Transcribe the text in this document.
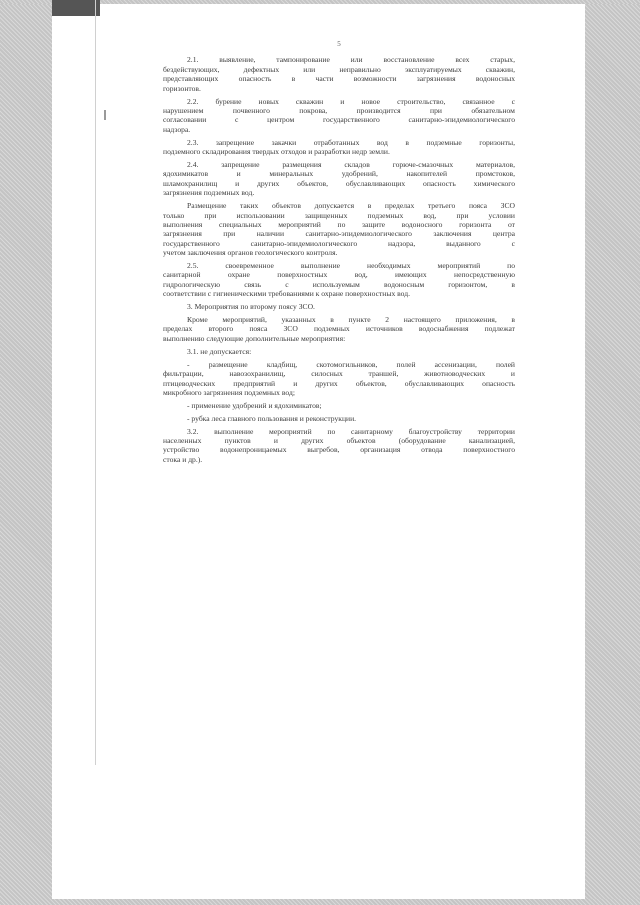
5
2.1. выявление, тампонирование или восстановление всех старых,
бездействующих, дефектных или неправильно эксплуатируемых скважин,
представляющих опасность в части возможности загрязнения водоносных
горизонтов.
2.2. бурение новых скважин и новое строительство, связанное с
нарушением почвенного покрова, производится при обязательном
согласовании с центром государственного санитарно-эпидемиологического
надзора.
2.3. запрещение закачки отработанных вод в подземные горизонты,
подземного складирования твердых отходов и разработки недр земли.
2.4. запрещение размещения складов горюче-смазочных материалов,
ядохимикатов и минеральных удобрений, накопителей промстоков,
шламохранилищ и других объектов, обуславливающих опасность химического
загрязнения подземных вод.
Размещение таких объектов допускается в пределах третьего пояса ЗСО
только при использовании защищенных подземных вод, при условии
выполнения специальных мероприятий по защите водоносного горизонта от
загрязнения при наличии санитарно-эпидемиологического заключения центра
государственного санитарно-эпидемиологического надзора, выданного с
учетом заключения органов геологического контроля.
2.5. своевременное выполнение необходимых мероприятий по
санитарной охране поверхностных вод, имеющих непосредственную
гидрологическую связь с используемым водоносным горизонтом, в
соответствии с гигиеническими требованиями к охране поверхностных вод.
3. Мероприятия по второму поясу ЗСО.
Кроме мероприятий, указанных в пункте 2 настоящего приложения, в
пределах второго пояса ЗСО подземных источников водоснабжения подлежат
выполнению следующие дополнительные мероприятия:
3.1. не допускается:
- размещение кладбищ, скотомогильников, полей ассенизации, полей
фильтрации, навозохранилищ, силосных траншей, животноводческих и
птицеводческих предприятий и других объектов, обуславливающих опасность
микробного загрязнения подземных вод;
- применение удобрений и ядохимикатов;
- рубка леса главного пользования и реконструкции.
3.2. выполнение мероприятий по санитарному благоустройству территории
населенных пунктов и других объектов (оборудование канализацией,
устройство водонепроницаемых выгребов, организация отвода поверхностного
стока и др.).
